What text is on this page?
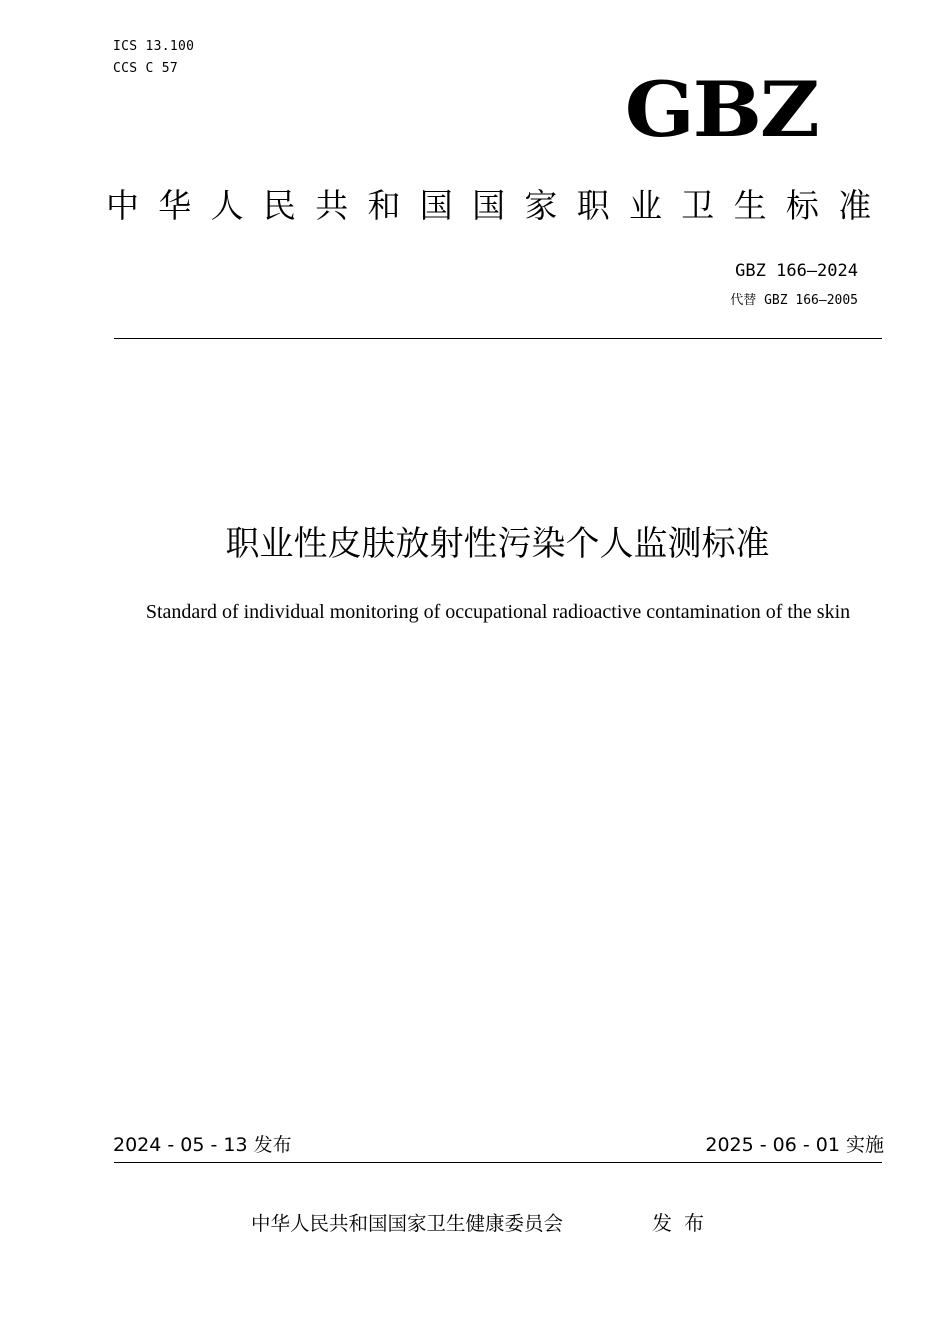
ICS 13.100
CCS C 57	GBZ
中华人民共和国国家职业卫生标准
GBZ 166—2024
代替 GBZ 166—2005
职业性皮肤放射性污染个人监测标准
Standard of individual monitoring of occupational radioactive contamination of the skin
2024 - 05 - 13 发布	2025 - 06 - 01 实施
中华人民共和国国家卫生健康委员会	发布
